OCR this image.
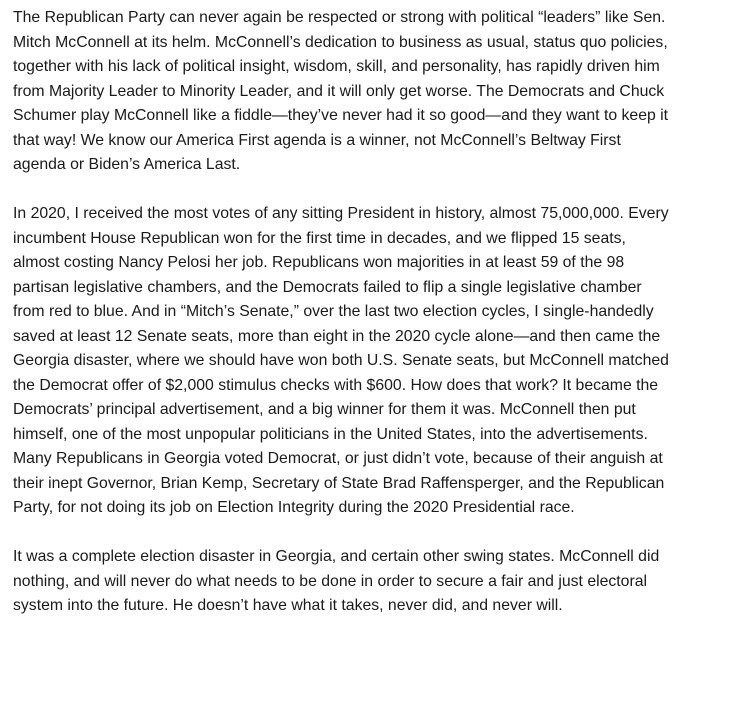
The Republican Party can never again be respected or strong with political “leaders” like Sen.
Mitch McConnell at its helm. McConnell’s dedication to business as usual, status quo policies,
together with his lack of political insight, wisdom, skill, and personality, has rapidly driven him
from Majority Leader to Minority Leader, and it will only get worse. The Democrats and Chuck
Schumer play McConnell like a fiddle—they’ve never had it so good—and they want to keep it
that way! We know our America First agenda is a winner, not McConnell’s Beltway First
agenda or Biden’s America Last.

In 2020, I received the most votes of any sitting President in history, almost 75,000,000. Every
incumbent House Republican won for the first time in decades, and we flipped 15 seats,
almost costing Nancy Pelosi her job. Republicans won majorities in at least 59 of the 98
partisan legislative chambers, and the Democrats failed to flip a single legislative chamber
from red to blue. And in “Mitch’s Senate,” over the last two election cycles, I single-handedly
saved at least 12 Senate seats, more than eight in the 2020 cycle alone—and then came the
Georgia disaster, where we should have won both U.S. Senate seats, but McConnell matched
the Democrat offer of $2,000 stimulus checks with $600. How does that work? It became the
Democrats’ principal advertisement, and a big winner for them it was. McConnell then put
himself, one of the most unpopular politicians in the United States, into the advertisements.
Many Republicans in Georgia voted Democrat, or just didn’t vote, because of their anguish at
their inept Governor, Brian Kemp, Secretary of State Brad Raffensperger, and the Republican
Party, for not doing its job on Election Integrity during the 2020 Presidential race.

It was a complete election disaster in Georgia, and certain other swing states. McConnell did
nothing, and will never do what needs to be done in order to secure a fair and just electoral
system into the future. He doesn’t have what it takes, never did, and never will.
